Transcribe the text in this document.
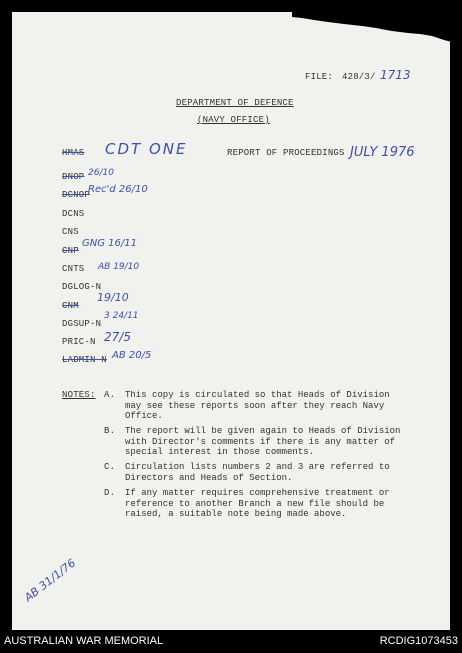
FILE: 428/3/ 1713
DEPARTMENT OF DEFENCE
(NAVY OFFICE)
HMAS CDT ONE	REPORT OF PROCEEDINGS JULY 1976
DNOP 26/10
DGNOP
Rec'd 26/10
DCNS
CNS
CNP
GNG 16/11
CNTS
DGLOG-N
AB 19/10
CNM
19/10
DGSUP-N
3 24/11
PRIC-N 27/5
LADMIN-N AB 20/5
NOTES: A. This copy is circulated so that Heads of Division
may see these reports soon after they reach Navy
Office.
B. The report will be given again to Heads of Division
with Director's comments if there is any matter of
special interest in those comments.
C. Circulation lists numbers 2 and 3 are referred to
Directors and Heads of Section.
D. If any matter requires comprehensive treatment or
reference to another Branch a new file should be
raised, a suitable note being made above.
AB 31/1/76
AUSTRALIAN WAR MEMORIAL	RCDIG1073453
